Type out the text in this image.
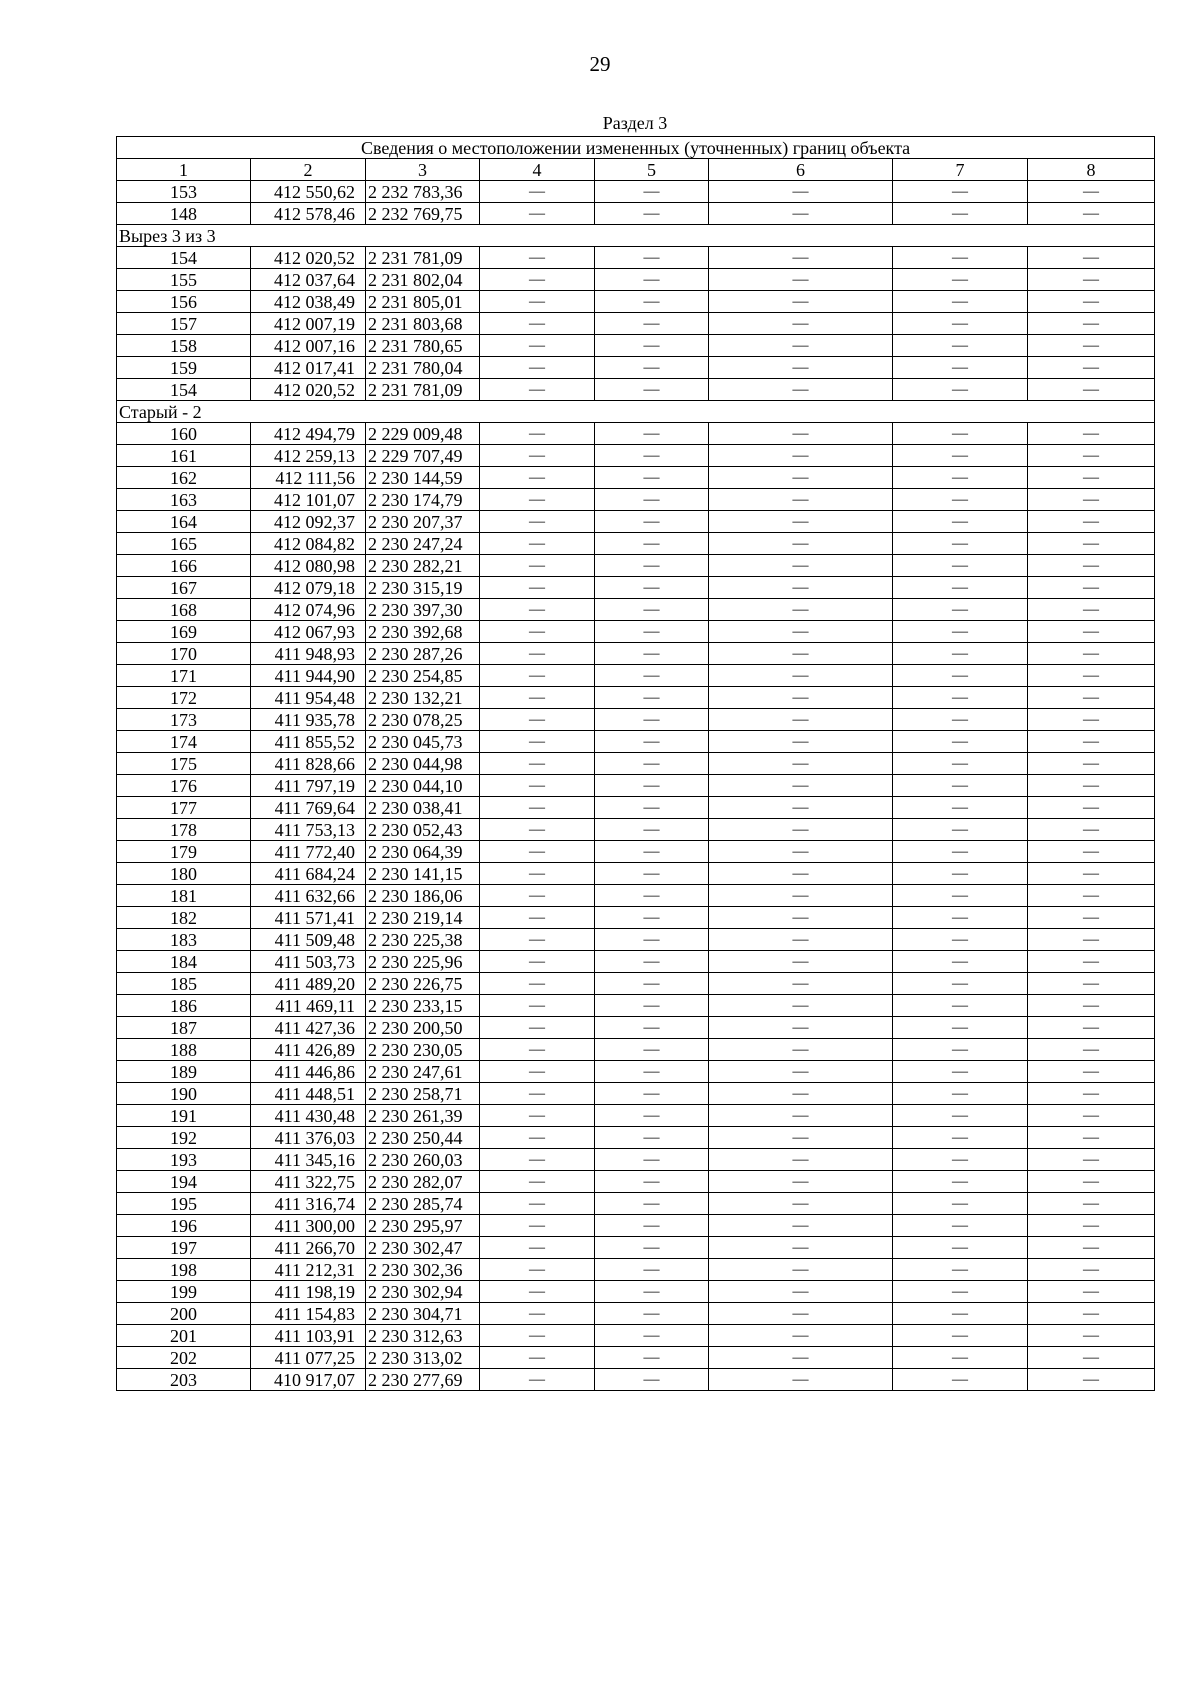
29
Раздел 3
Сведения о местоположении измененных (уточненных) границ объекта							
1	2	3	4	5	6	7	8
153	412 550,62	2 232 783,36	—	—	—	—	—
148	412 578,46	2 232 769,75	—	—	—	—	—
Вырез 3 из 3							
154	412 020,52	2 231 781,09	—	—	—	—	—
155	412 037,64	2 231 802,04	—	—	—	—	—
156	412 038,49	2 231 805,01	—	—	—	—	—
157	412 007,19	2 231 803,68	—	—	—	—	—
158	412 007,16	2 231 780,65	—	—	—	—	—
159	412 017,41	2 231 780,04	—	—	—	—	—
154	412 020,52	2 231 781,09	—	—	—	—	—
Старый - 2							
160	412 494,79	2 229 009,48	—	—	—	—	—
161	412 259,13	2 229 707,49	—	—	—	—	—
162	412 111,56	2 230 144,59	—	—	—	—	—
163	412 101,07	2 230 174,79	—	—	—	—	—
164	412 092,37	2 230 207,37	—	—	—	—	—
165	412 084,82	2 230 247,24	—	—	—	—	—
166	412 080,98	2 230 282,21	—	—	—	—	—
167	412 079,18	2 230 315,19	—	—	—	—	—
168	412 074,96	2 230 397,30	—	—	—	—	—
169	412 067,93	2 230 392,68	—	—	—	—	—
170	411 948,93	2 230 287,26	—	—	—	—	—
171	411 944,90	2 230 254,85	—	—	—	—	—
172	411 954,48	2 230 132,21	—	—	—	—	—
173	411 935,78	2 230 078,25	—	—	—	—	—
174	411 855,52	2 230 045,73	—	—	—	—	—
175	411 828,66	2 230 044,98	—	—	—	—	—
176	411 797,19	2 230 044,10	—	—	—	—	—
177	411 769,64	2 230 038,41	—	—	—	—	—
178	411 753,13	2 230 052,43	—	—	—	—	—
179	411 772,40	2 230 064,39	—	—	—	—	—
180	411 684,24	2 230 141,15	—	—	—	—	—
181	411 632,66	2 230 186,06	—	—	—	—	—
182	411 571,41	2 230 219,14	—	—	—	—	—
183	411 509,48	2 230 225,38	—	—	—	—	—
184	411 503,73	2 230 225,96	—	—	—	—	—
185	411 489,20	2 230 226,75	—	—	—	—	—
186	411 469,11	2 230 233,15	—	—	—	—	—
187	411 427,36	2 230 200,50	—	—	—	—	—
188	411 426,89	2 230 230,05	—	—	—	—	—
189	411 446,86	2 230 247,61	—	—	—	—	—
190	411 448,51	2 230 258,71	—	—	—	—	—
191	411 430,48	2 230 261,39	—	—	—	—	—
192	411 376,03	2 230 250,44	—	—	—	—	—
193	411 345,16	2 230 260,03	—	—	—	—	—
194	411 322,75	2 230 282,07	—	—	—	—	—
195	411 316,74	2 230 285,74	—	—	—	—	—
196	411 300,00	2 230 295,97	—	—	—	—	—
197	411 266,70	2 230 302,47	—	—	—	—	—
198	411 212,31	2 230 302,36	—	—	—	—	—
199	411 198,19	2 230 302,94	—	—	—	—	—
200	411 154,83	2 230 304,71	—	—	—	—	—
201	411 103,91	2 230 312,63	—	—	—	—	—
202	411 077,25	2 230 313,02	—	—	—	—	—
203	410 917,07	2 230 277,69	—	—	—	—	—
